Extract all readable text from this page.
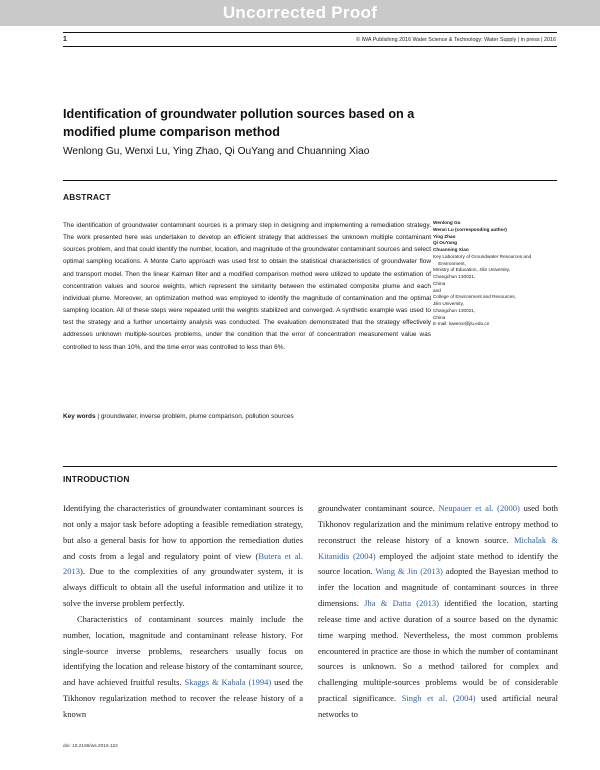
Uncorrected Proof
1	© IWA Publishing 2016 Water Science & Technology: Water Supply | in press | 2016
Identification of groundwater pollution sources based on a modified plume comparison method
Wenlong Gu, Wenxi Lu, Ying Zhao, Qi OuYang and Chuanning Xiao
ABSTRACT
The identification of groundwater contaminant sources is a primary step in designing and implementing a remediation strategy. The work presented here was undertaken to develop an efficient strategy that addresses the unknown multiple contaminant sources problem, and that could identify the number, location, and magnitude of the groundwater contaminant sources and select optimal sampling locations. A Monte Carlo approach was used first to obtain the statistical characteristics of groundwater flow and transport model. Then the linear Kalman filter and a modified comparison method were utilized to update the estimation of concentration values and source weights, which represent the similarity between the estimated composite plume and each individual plume. Moreover, an optimization method was employed to identify the magnitude of contamination and the optimal sampling location. All of these steps were repeated until the weights stabilized and converged. A synthetic example was used to test the strategy and a further uncertainty analysis was conducted. The evaluation demonstrated that the strategy effectively addresses unknown multiple-sources problems, under the condition that the error of concentration measurement value was controlled to less than 10%, and the time error was controlled to less than 6%.
Key words | groundwater, inverse problem, plume comparison, pollution sources
Wenlong Gu
Wenxi Lu (corresponding author)
Ying Zhao
Qi OuYang
Chuanning Xiao
Key Laboratory of Groundwater Resources and
Environment,
Ministry of Education, Jilin University,
Changchun 130021,
China
and
College of Environment and Resources,
Jilin University,
Changchun 130021,
China
E-mail: luwenxi@jlu.edu.cn
INTRODUCTION

Identifying the characteristics of groundwater contaminant sources is not only a major task before adopting a feasible remediation strategy, but also a general basis for how to apportion the remediation duties and costs from a legal and regulatory point of view (Butera et al. 2013). Due to the complexities of any groundwater system, it is always difficult to obtain all the useful information and utilize it to solve the inverse problem perfectly.

Characteristics of contaminant sources mainly include the number, location, magnitude and contaminant release history. For single-source inverse problems, researchers usually focus on identifying the location and release history of the contaminant source, and have achieved fruitful results. Skaggs & Kabala (1994) used the Tikhonov regularization method to recover the release history of a known

groundwater contaminant source. Neupauer et al. (2000) used both Tikhonov regularization and the minimum relative entropy method to reconstruct the release history of a known source. Michalak & Kitanidis (2004) employed the adjoint state method to identify the source location. Wang & Jin (2013) adopted the Bayesian method to infer the location and magnitude of contaminant sources in three dimensions. Jha & Datta (2013) identified the location, starting release time and active duration of a source based on the dynamic time warping method. Nevertheless, the most common problems encountered in practice are those in which the number of contaminant sources is unknown. So a method tailored for complex and challenging multiple-sources problems would be of considerable practical significance. Singh et al. (2004) used artificial neural networks to

doi: 10.2166/ws.2016.122
